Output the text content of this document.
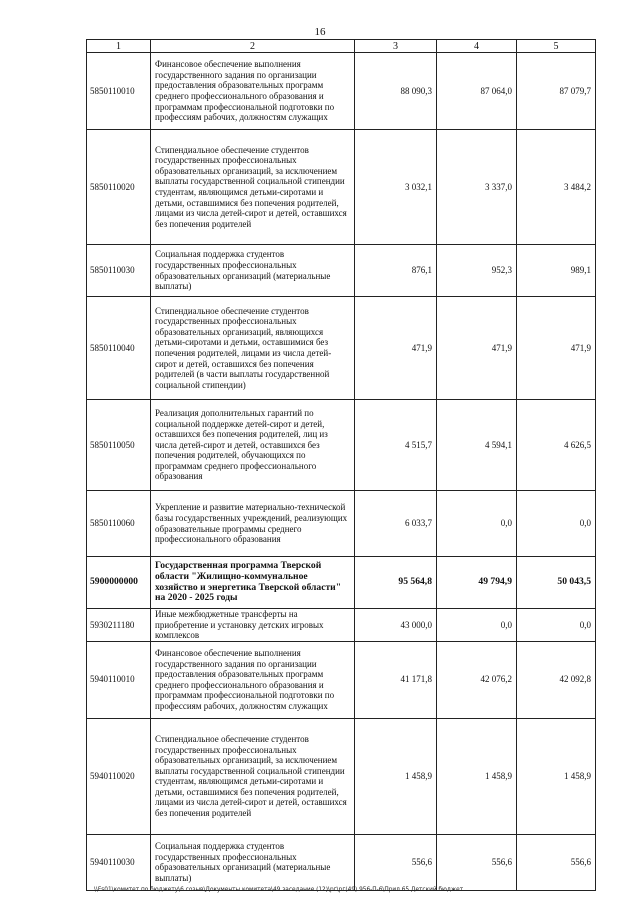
16
1	2	3	4	5
5850110010	Финансовое обеспечение выполнения государственного задания по организации предоставления образовательных программ среднего профессионального образования и программам профессиональной подготовки по профессиям рабочих, должностям служащих	88 090,3	87 064,0	87 079,7
5850110020	Стипендиальное обеспечение студентов государственных профессиональных образовательных организаций, за исключением выплаты государственной социальной стипендии студентам, являющимся детьми-сиротами и детьми, оставшимися без попечения родителей, лицами из числа детей-сирот и детей, оставшихся без попечения родителей	3 032,1	3 337,0	3 484,2
5850110030	Социальная поддержка студентов государственных профессиональных образовательных организаций (материальные выплаты)	876,1	952,3	989,1
5850110040	Стипендиальное обеспечение студентов государственных профессиональных образовательных организаций, являющихся детьми-сиротами и детьми, оставшимися без попечения родителей, лицами из числа детей-сирот и детей, оставшихся без попечения родителей (в части выплаты государственной социальной стипендии)	471,9	471,9	471,9
5850110050	Реализация дополнительных гарантий по социальной поддержке детей-сирот и детей, оставшихся без попечения родителей, лиц из числа детей-сирот и детей, оставшихся без попечения родителей, обучающихся по программам среднего профессионального образования	4 515,7	4 594,1	4 626,5
5850110060	Укрепление и развитие материально-технической базы государственных учреждений, реализующих образовательные программы среднего профессионального образования	6 033,7	0,0	0,0
5900000000	Государственная программа Тверской области "Жилищно-коммунальное хозяйство и энергетика Тверской области" на 2020 - 2025 годы	95 564,8	49 794,9	50 043,5
5930211180	Иные межбюджетные трансферты на приобретение и установку детских игровых комплексов	43 000,0	0,0	0,0
5940110010	Финансовое обеспечение выполнения государственного задания по организации предоставления образовательных программ среднего профессионального образования и программам профессиональной подготовки по профессиям рабочих, должностям служащих	41 171,8	42 076,2	42 092,8
5940110020	Стипендиальное обеспечение студентов государственных профессиональных образовательных организаций, за исключением выплаты государственной социальной стипендии студентам, являющимся детьми-сиротами и детьми, оставшимися без попечения родителей, лицами из числа детей-сирот и детей, оставшихся без попечения родителей	1 458,9	1 458,9	1 458,9
5940110030	Социальная поддержка студентов государственных профессиональных образовательных организаций (материальные выплаты)	556,6	556,6	556,6
\\Fs01\комитет по бюджету\6 созыв\Документы комитета\49 заседание (12)\рг\рг(49) 956-П-6\Прил 65 Детский бюджет
